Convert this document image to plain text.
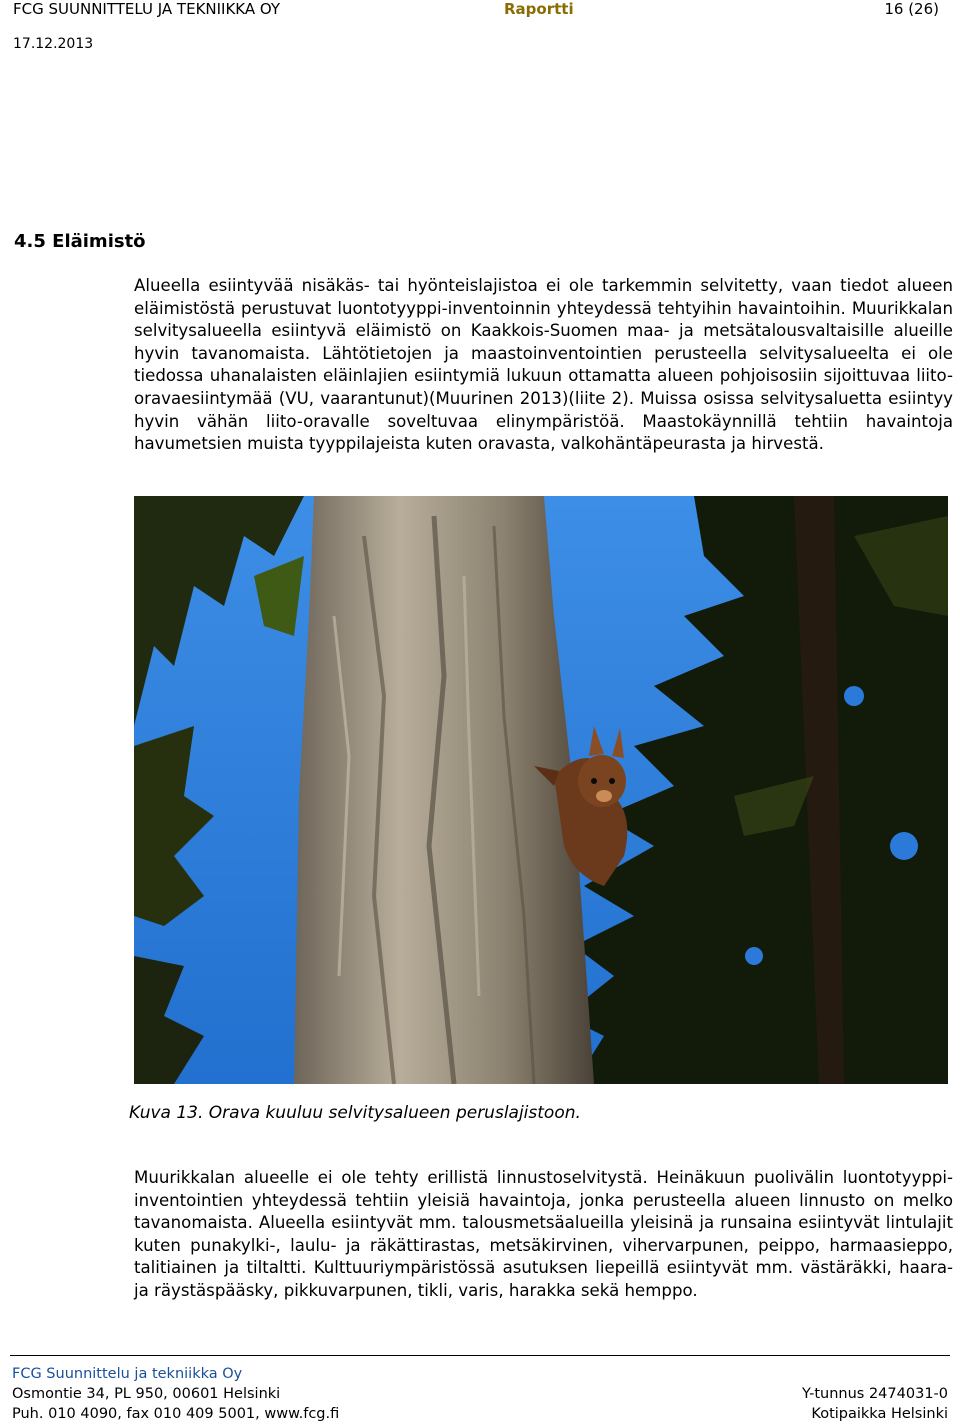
FCG SUUNNITTELU JA TEKNIIKKA OY	Raportti	16 (26)
17.12.2013
4.5 Eläimistö

Alueella esiintyvää nisäkäs- tai hyönteislajistoa ei ole tarkemmin selvitetty, vaan tiedot alueen eläimistöstä perustuvat luontotyyppi-inventoinnin yhteydessä tehtyihin havaintoihin. Muurikkalan selvitysalueella esiintyvä eläimistö on Kaakkois-Suomen maa- ja metsätalousvaltaisille alueille hyvin tavanomaista. Lähtötietojen ja maastoinventointien perusteella selvitysalueelta ei ole tiedossa uhanalaisten eläinlajien esiintymiä lukuun ottamatta alueen pohjoisosiin sijoittuvaa liito-oravaesiintymää (VU, vaarantunut)(Muurinen 2013)(liite 2). Muissa osissa selvitysaluetta esiintyy hyvin vähän liito-oravalle soveltuvaa elinympäristöä. Maastokäynnillä tehtiin havaintoja havumetsien muista tyyppilajeista kuten oravasta, valkohäntäpeurasta ja hirvestä.

Kuva 13. Orava kuuluu selvitysalueen peruslajistoon.

Muurikkalan alueelle ei ole tehty erillistä linnustoselvitystä. Heinäkuun puolivälin luontotyyppi-inventointien yhteydessä tehtiin yleisiä havaintoja, jonka perusteella alueen linnusto on melko tavanomaista. Alueella esiintyvät mm. talousmetsäalueilla yleisinä ja runsaina esiintyvät lintulajit kuten punakylki-, laulu- ja räkättirastas, metsäkirvinen, vihervarpunen, peippo, harmaasieppo, talitiainen ja tiltaltti. Kulttuuriympäristössä asutuksen liepeillä esiintyvät mm. västäräkki, haara- ja räystäspääsky, pikkuvarpunen, tikli, varis, harakka sekä hemppo.

FCG Suunnittelu ja tekniikka Oy
Osmontie 34, PL 950, 00601 Helsinki
Puh. 010 4090, fax 010 409 5001, www.fcg.fi
Y-tunnus 2474031-0
Kotipaikka Helsinki
